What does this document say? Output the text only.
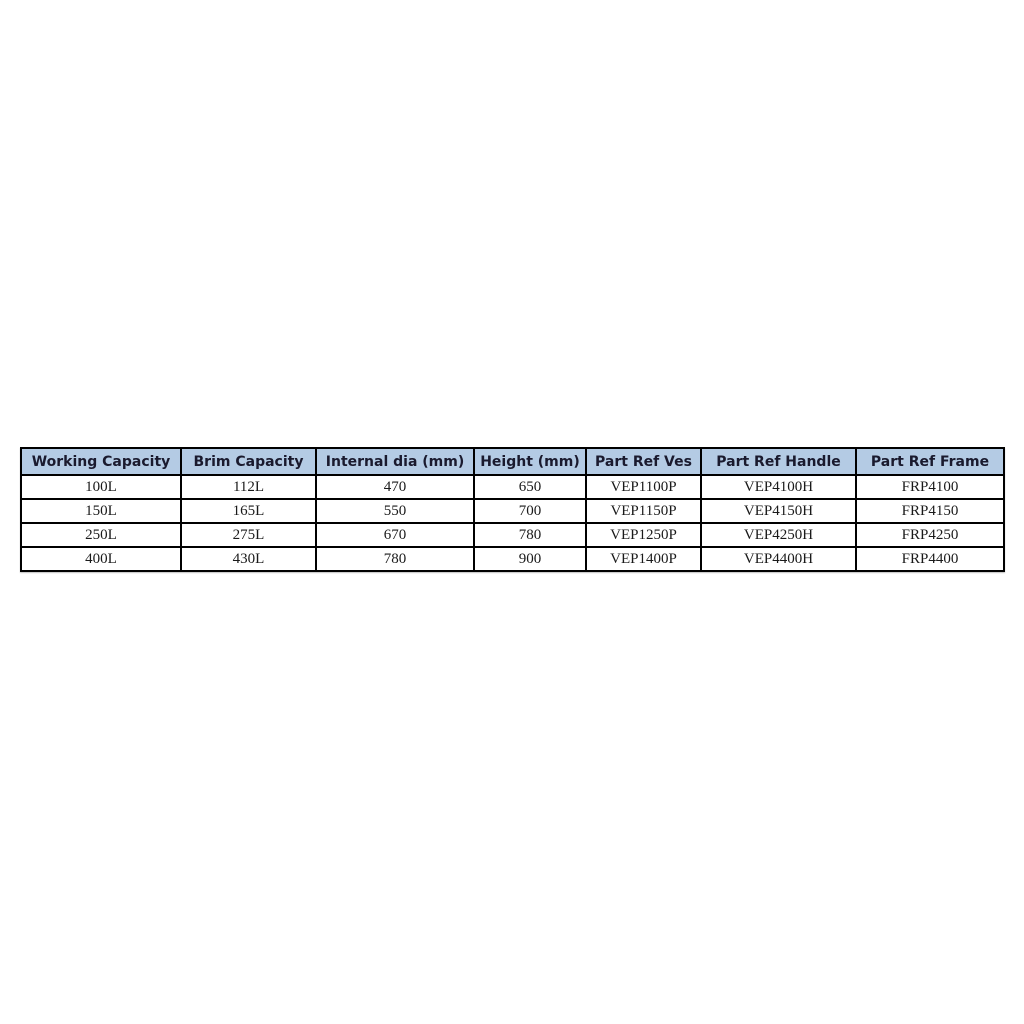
Working Capacity	Brim Capacity	Internal dia (mm)	Height (mm)	Part Ref Ves	Part Ref Handle	Part Ref Frame
100L	112L	470	650	VEP1100P	VEP4100H	FRP4100
150L	165L	550	700	VEP1150P	VEP4150H	FRP4150
250L	275L	670	780	VEP1250P	VEP4250H	FRP4250
400L	430L	780	900	VEP1400P	VEP4400H	FRP4400
